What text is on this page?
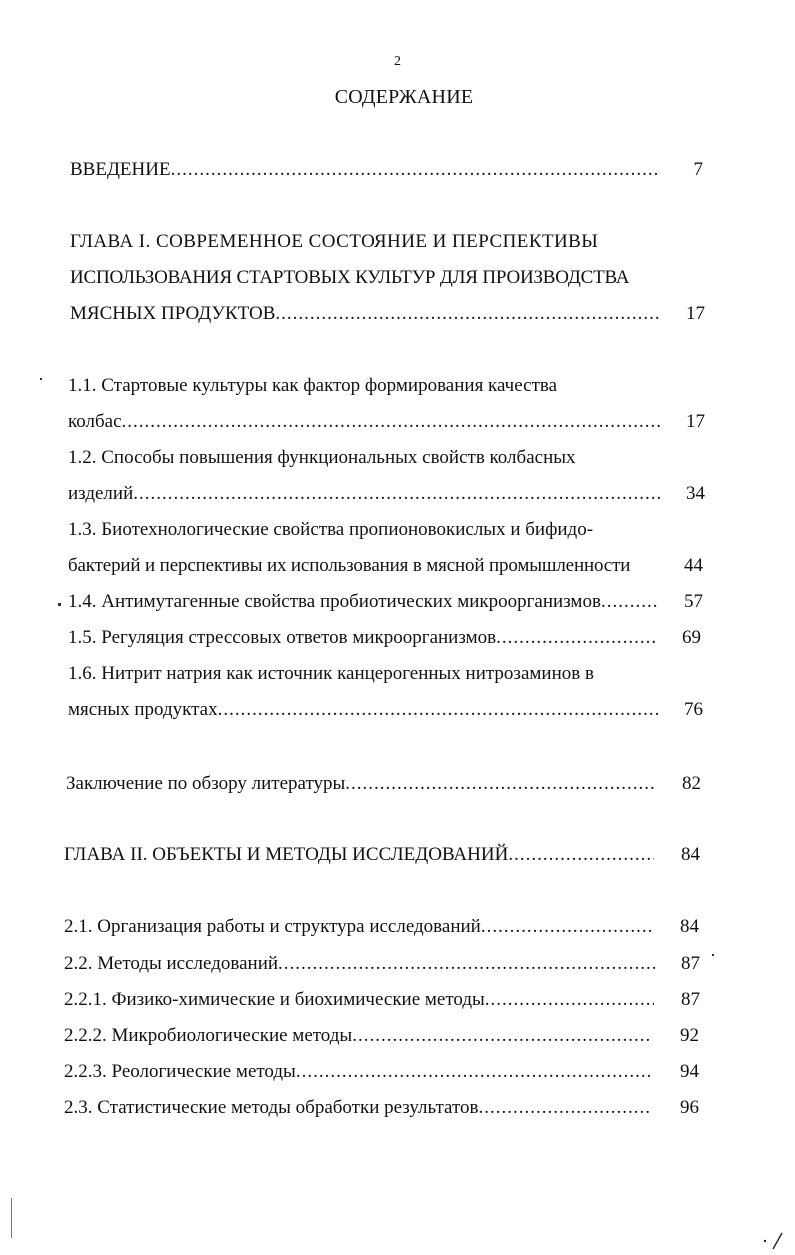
2
СОДЕРЖАНИЕ
ВВЕДЕНИЕ .....	7
ГЛАВА I. СОВРЕМЕННОЕ СОСТОЯНИЕ И ПЕРСПЕКТИВЫ
ИСПОЛЬЗОВАНИЯ СТАРТОВЫХ КУЛЬТУР ДЛЯ ПРОИЗВОДСТВА
МЯСНЫХ ПРОДУКТОВ .....	17
1.1. Стартовые культуры как фактор формирования качества
колбас .....	17
1.2. Способы повышения функциональных свойств колбасных
изделий .....	34
1.3. Биотехнологические свойства пропионовокислых и бифидо-
бактерий и перспективы их использования в мясной промышленности	44
1.4. Антимутагенные свойства пробиотических микроорганизмов .....	57
1.5. Регуляция стрессовых ответов микроорганизмов .....	69
1.6. Нитрит натрия как источник канцерогенных нитрозаминов в
мясных продуктах .....	76
Заключение по обзору литературы .....	82
ГЛАВА II. ОБЪЕКТЫ И МЕТОДЫ ИССЛЕДОВАНИЙ .....	84
2.1. Организация работы и структура исследований .....	84
2.2. Методы исследований .....	87
2.2.1. Физико-химические и биохимические методы .....	87
2.2.2. Микробиологические методы .....	92
2.2.3. Реологические методы .....	94
2.3. Статистические методы обработки результатов .....	96
